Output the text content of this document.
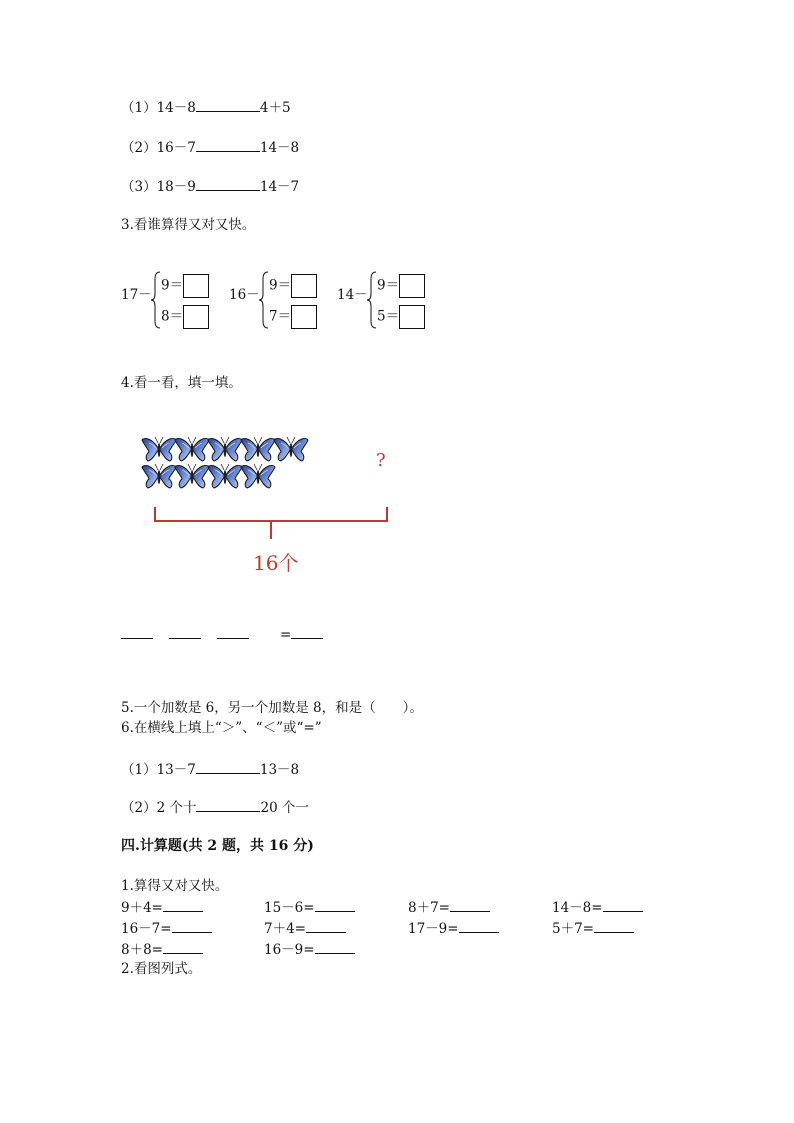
（1）14－8	4＋5
（2）16－7	14－8
（3）18－9	14－7
3.看谁算得又对又快。
17－
9＝
8＝
16－
9＝
7＝
14－
9＝
5＝
4.看一看，填一填。
?
16个
=
5.一个加数是 6，另一个加数是 8，和是（　　）。
6.在横线上填上“＞”、“＜”或“=”
（1）13－7	13－8
（2）2 个十	20 个一
四.计算题(共 2 题，共 16 分)
1.算得又对又快。
9＋4=	15－6=	8＋7=	14－8=
16－7=	7＋4=	17－9=	5＋7=
8＋8=	16－9=
2.看图列式。
